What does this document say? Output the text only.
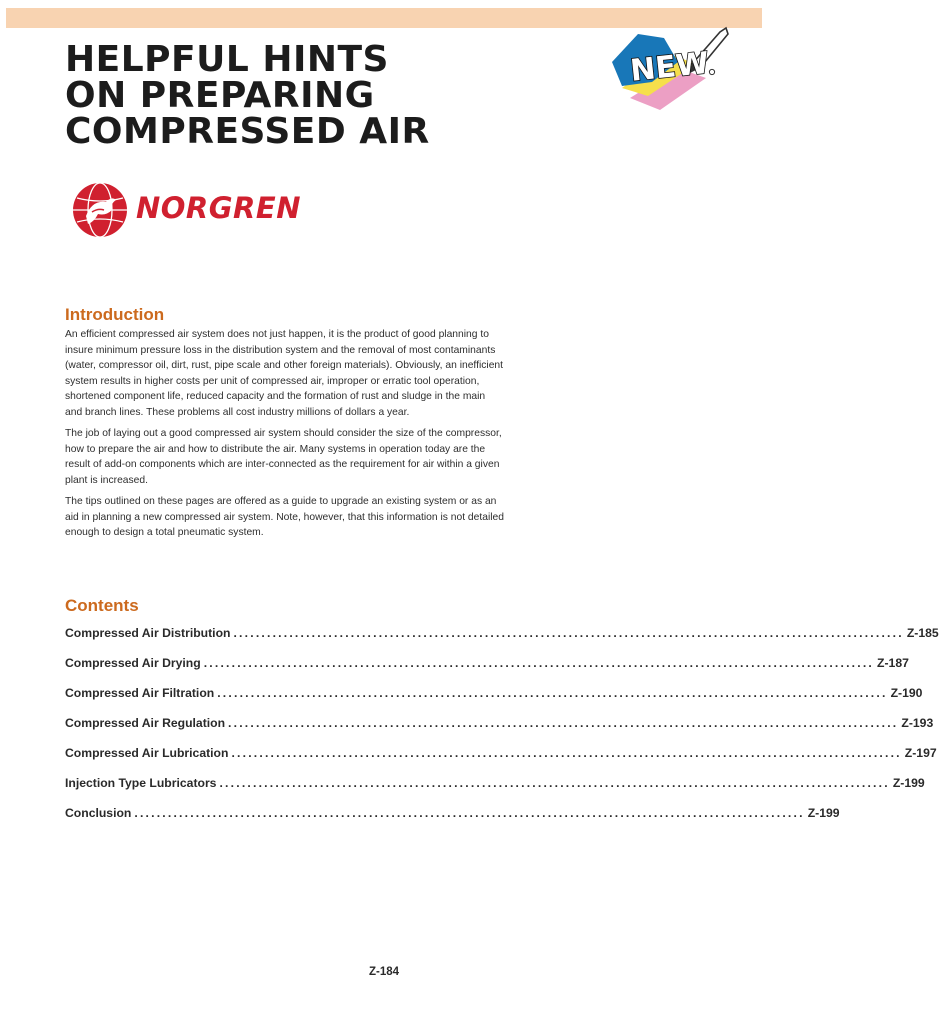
HELPFUL HINTS
ON PREPARING
COMPRESSED AIR
NEW
NORGREN
Introduction

An efficient compressed air system does not just happen, it is the product of good planning to insure minimum pressure loss in the distribution system and the removal of most contaminants (water, compressor oil, dirt, rust, pipe scale and other foreign materials). Obviously, an inefficient system results in higher costs per unit of compressed air, improper or erratic tool operation, shortened component life, reduced capacity and the formation of rust and sludge in the main and branch lines. These problems all cost industry millions of dollars a year.

The job of laying out a good compressed air system should consider the size of the compressor, how to prepare the air and how to distribute the air. Many systems in operation today are the result of add-on components which are inter-connected as the requirement for air within a given plant is increased.

The tips outlined on these pages are offered as a guide to upgrade an existing system or as an aid in planning a new compressed air system. Note, however, that this information is not detailed enough to design a total pneumatic system.

Contents
Compressed Air Distribution ........................................................................................................................ Z-185
Compressed Air Drying ........................................................................................................................ Z-187
Compressed Air Filtration ........................................................................................................................ Z-190
Compressed Air Regulation ........................................................................................................................ Z-193
Compressed Air Lubrication ........................................................................................................................ Z-197
Injection Type Lubricators ........................................................................................................................ Z-199
Conclusion ........................................................................................................................ Z-199
Z-184
